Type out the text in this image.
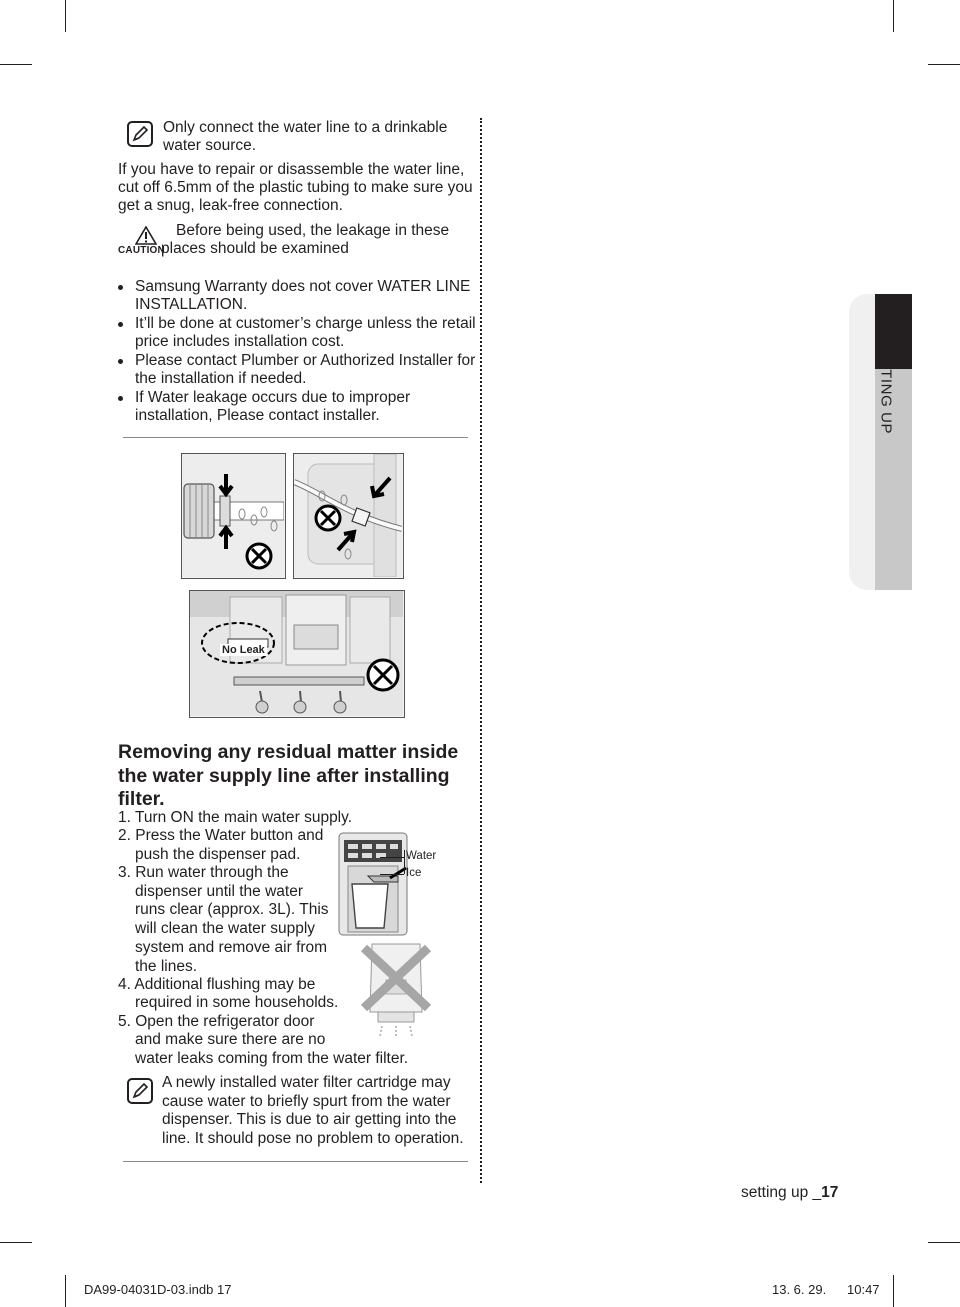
Only connect the water line to a drinkable
water source.
If you have to repair or disassemble the water line,
cut off 6.5mm of the plastic tubing to make sure you
get a snug, leak-free connection.
CAUTION
Before being used, the leakage in these
places should be examined
Samsung Warranty does not cover WATER LINE
INSTALLATION.
It’ll be done at customer’s charge unless the retail
price includes installation cost.
Please contact Plumber or Authorized Installer for
the installation if needed.
If Water leakage occurs due to improper
installation, Please contact installer.
No Leak
01 SETTING UP
Removing any residual matter inside the water supply line after installing filter.
1. Turn ON the main water supply.
2. Press the Water button and
push the dispenser pad.
3. Run water through the
dispenser until the water
runs clear (approx. 3L). This
will clean the water supply
system and remove air from
the lines.
4. Additional flushing may be
required in some households.
5. Open the refrigerator door
and make sure there are no
water leaks coming from the water filter.
Water
Ice
A newly installed water filter cartridge may
cause water to briefly spurt from the water
dispenser. This is due to air getting into the
line. It should pose no problem to operation.
setting up _17
DA99-04031D-03.indb 17	13. 6. 29. 10:47
